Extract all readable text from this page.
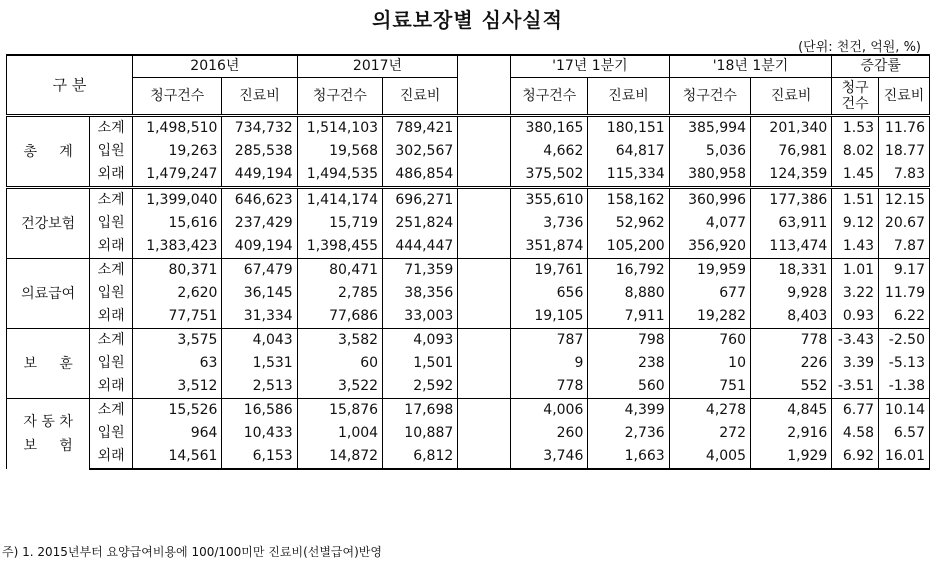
의료보장별 심사실적
(단위: 천건, 억원, %)
구 분		2016년		2017년			'17년 1분기		'18년 1분기		증감률	
		청구건수	진료비	청구건수	진료비		청구건수	진료비	청구건수	진료비	청구 건수	진료비
총     계	소계	1,498,510	734,732	1,514,103	789,421		380,165	180,151	385,994	201,340	1.53	11.76
	입원	19,263	285,538	19,568	302,567		4,662	64,817	5,036	76,981	8.02	18.77
	외래	1,479,247	449,194	1,494,535	486,854		375,502	115,334	380,958	124,359	1.45	7.83
건강보험	소계	1,399,040	646,623	1,414,174	696,271		355,610	158,162	360,996	177,386	1.51	12.15
	입원	15,616	237,429	15,719	251,824		3,736	52,962	4,077	63,911	9.12	20.67
	외래	1,383,423	409,194	1,398,455	444,447		351,874	105,200	356,920	113,474	1.43	7.87
의료급여	소계	80,371	67,479	80,471	71,359		19,761	16,792	19,959	18,331	1.01	9.17
	입원	2,620	36,145	2,785	38,356		656	8,880	677	9,928	3.22	11.79
	외래	77,751	31,334	77,686	33,003		19,105	7,911	19,282	8,403	0.93	6.22
보     훈	소계	3,575	4,043	3,582	4,093		787	798	760	778	-3.43	-2.50
	입원	63	1,531	60	1,501		9	238	10	226	3.39	-5.13
	외래	3,512	2,513	3,522	2,592		778	560	751	552	-3.51	-1.38
자 동 차
보     험	소계	15,526	16,586	15,876	17,698		4,006	4,399	4,278	4,845	6.77	10.14
	입원	964	10,433	1,004	10,887		260	2,736	272	2,916	4.58	6.57
	외래	14,561	6,153	14,872	6,812		3,746	1,663	4,005	1,929	6.92	16.01
주) 1. 2015년부터 요양급여비용에 100/100미만 진료비(선별급여)반영
